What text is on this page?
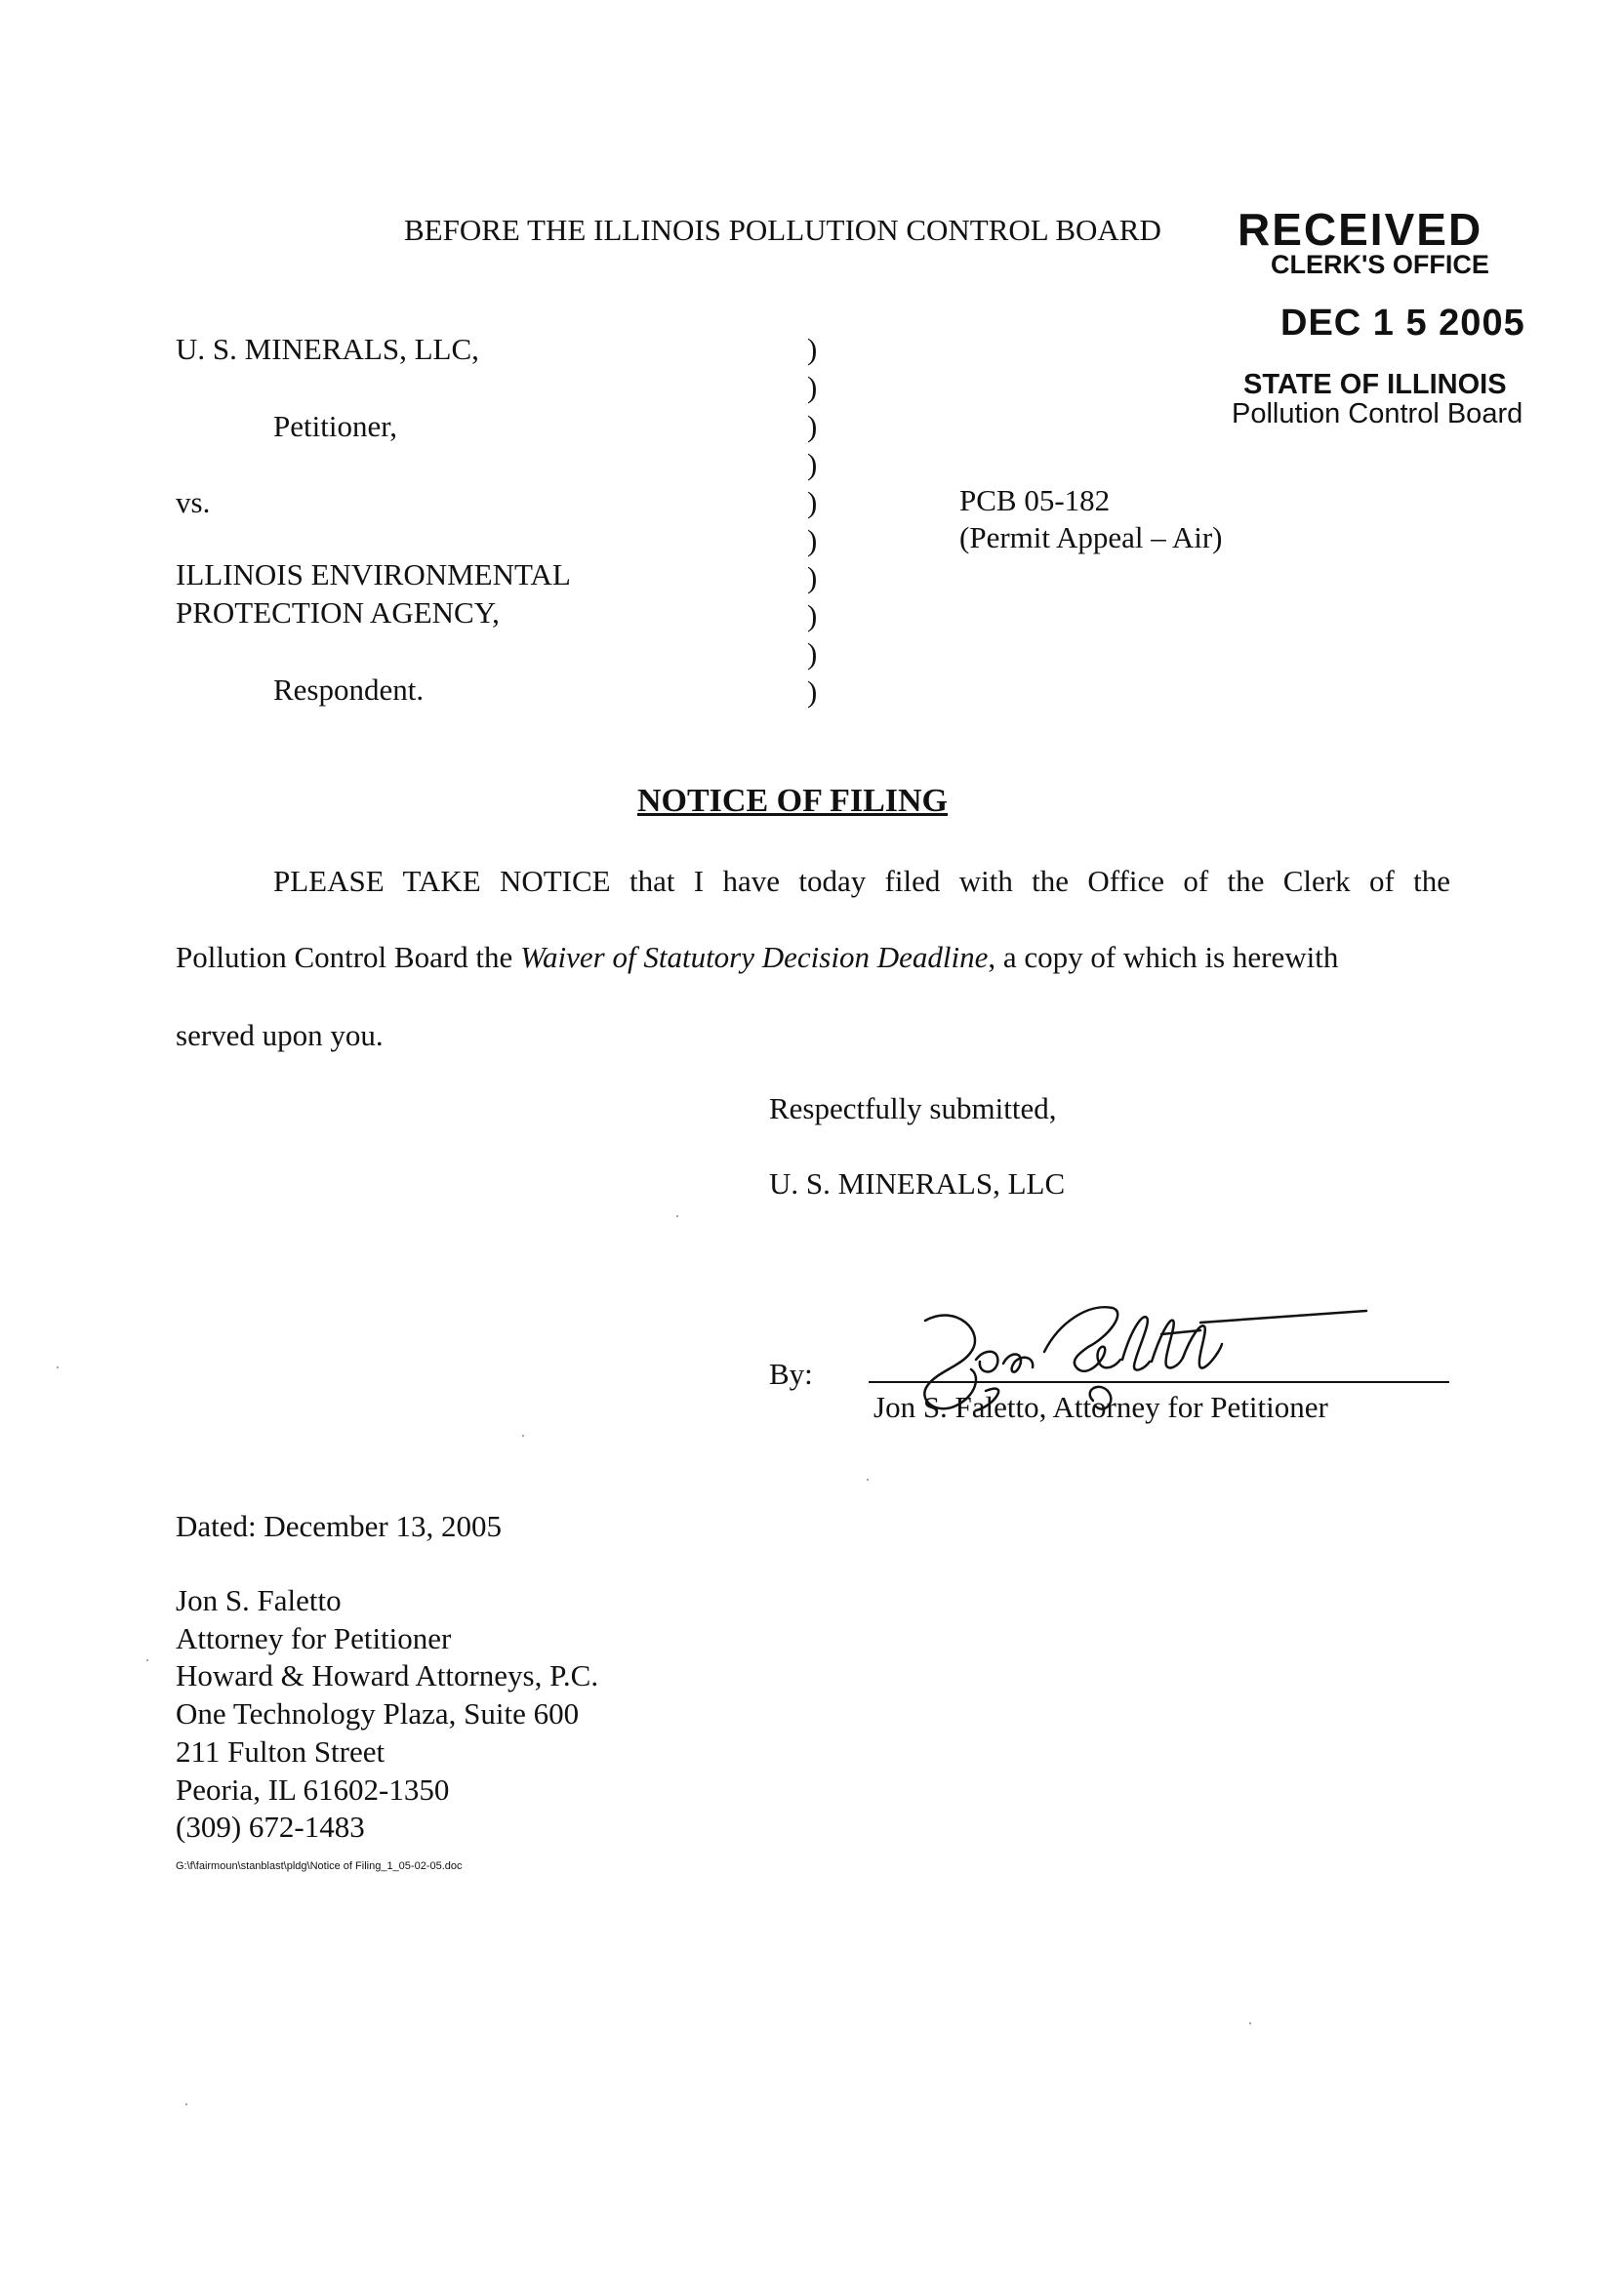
BEFORE THE ILLINOIS POLLUTION CONTROL BOARD RECEIVED
CLERK'S OFFICE
DEC 1 5 2005
STATE OF ILLINOIS
Pollution Control Board
U. S. MINERALS, LLC,
Petitioner,
vs.
ILLINOIS ENVIRONMENTAL
PROTECTION AGENCY,
Respondent.
)
)
)
)
)
)
)
)
)
)
PCB 05-182
(Permit Appeal – Air)
NOTICE OF FILING
PLEASE TAKE NOTICE that I have today filed with the Office of the Clerk of the
Pollution Control Board the Waiver of Statutory Decision Deadline, a copy of which is herewith
served upon you.
Respectfully submitted,
U. S. MINERALS, LLC
By:
Jon S. Faletto, Attorney for Petitioner
Dated: December 13, 2005
Jon S. Faletto
Attorney for Petitioner
Howard & Howard Attorneys, P.C.
One Technology Plaza, Suite 600
211 Fulton Street
Peoria, IL 61602-1350
(309) 672-1483
G:\f\fairmoun\stanblast\pldg\Notice of Filing_1_05-02-05.doc
